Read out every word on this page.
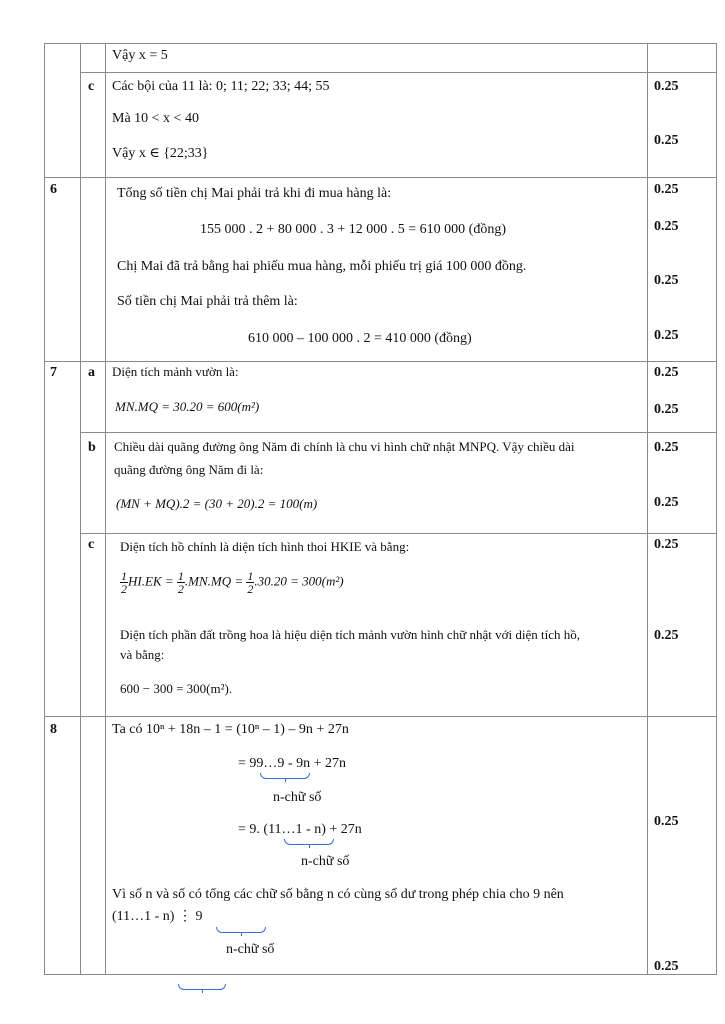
Vậy x = 5
c Các bội của 11 là: 0; 11; 22; 33; 44; 55
Mà 10 < x < 40
Vậy x ∈ {22;33}
0.25
0.25
6	Tổng số tiền chị Mai phải trả khi đi mua hàng là:
155 000 . 2 + 80 000 . 3 + 12 000 . 5 = 610 000 (đồng)
Chị Mai đã trả bằng hai phiếu mua hàng, mỗi phiếu trị giá 100 000 đồng.
Số tiền chị Mai phải trả thêm là:
610 000 – 100 000 . 2 = 410 000 (đồng)
0.25
0.25
0.25
0.25
7 a Diện tích mảnh vườn là:
MN.MQ = 30.20 = 600(m²)
0.25
0.25
b Chiều dài quãng đường ông Năm đi chính là chu vi hình chữ nhật MNPQ. Vậy chiều dài
quãng đường ông Năm đi là:
(MN + MQ).2 = (30 + 20).2 = 100(m)
0.25
0.25
c Diện tích hồ chính là diện tích hình thoi HKIE và bằng:
$\frac{1}{2} HI.EK = \frac{1}{2} .MN.MQ = \frac{1}{2} .30.20 = 300(m^2)$
Diện tích phần đất trồng hoa là hiệu diện tích mảnh vườn hình chữ nhật với diện tích hồ,
và bằng:
600 − 300 = 300(m²).
0.25
0.25
8	Ta có 10ⁿ + 18n – 1 = (10ⁿ – 1) – 9n + 27n
= 99…9 - 9n + 27n
n-chữ số
= 9. (11…1 - n) + 27n
n-chữ số
Vì số n và số có tổng các chữ số bằng n có cùng số dư trong phép chia cho 9 nên
(11…1 - n) ⋮ 9
n-chữ số
0.25
0.25
